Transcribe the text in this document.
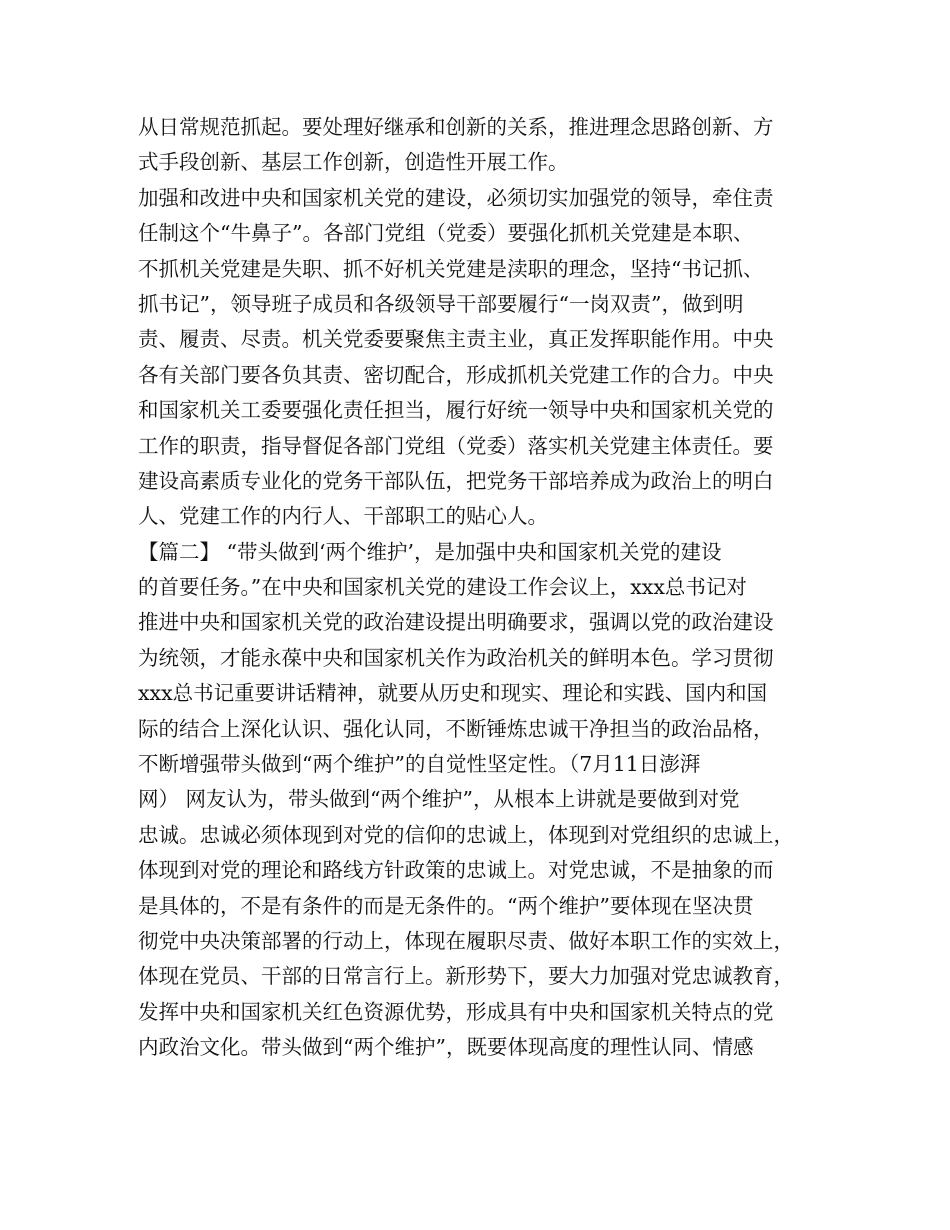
从日常规范抓起。要处理好继承和创新的关系，推进理念思路创新、方
式手段创新、基层工作创新，创造性开展工作。
加强和改进中央和国家机关党的建设，必须切实加强党的领导，牵住责
任制这个“牛鼻子”。各部门党组（党委）要强化抓机关党建是本职、
不抓机关党建是失职、抓不好机关党建是渎职的理念，坚持“书记抓、
抓书记”，领导班子成员和各级领导干部要履行“一岗双责”，做到明
责、履责、尽责。机关党委要聚焦主责主业，真正发挥职能作用。中央
各有关部门要各负其责、密切配合，形成抓机关党建工作的合力。中央
和国家机关工委要强化责任担当，履行好统一领导中央和国家机关党的
工作的职责，指导督促各部门党组（党委）落实机关党建主体责任。要
建设高素质专业化的党务干部队伍，把党务干部培养成为政治上的明白
人、党建工作的内行人、干部职工的贴心人。
【篇二】 “带头做到‘两个维护’，是加强中央和国家机关党的建设
的首要任务。”在中央和国家机关党的建设工作会议上，xxx总书记对
推进中央和国家机关党的政治建设提出明确要求，强调以党的政治建设
为统领，才能永葆中央和国家机关作为政治机关的鲜明本色。学习贯彻
xxx总书记重要讲话精神，就要从历史和现实、理论和实践、国内和国
际的结合上深化认识、强化认同，不断锤炼忠诚干净担当的政治品格，
不断增强带头做到“两个维护”的自觉性坚定性。（7月11日澎湃
网） 网友认为，带头做到“两个维护”，从根本上讲就是要做到对党
忠诚。忠诚必须体现到对党的信仰的忠诚上，体现到对党组织的忠诚上，
体现到对党的理论和路线方针政策的忠诚上。对党忠诚，不是抽象的而
是具体的，不是有条件的而是无条件的。“两个维护”要体现在坚决贯
彻党中央决策部署的行动上，体现在履职尽责、做好本职工作的实效上，
体现在党员、干部的日常言行上。新形势下，要大力加强对党忠诚教育，
发挥中央和国家机关红色资源优势，形成具有中央和国家机关特点的党
内政治文化。带头做到“两个维护”，既要体现高度的理性认同、情感
